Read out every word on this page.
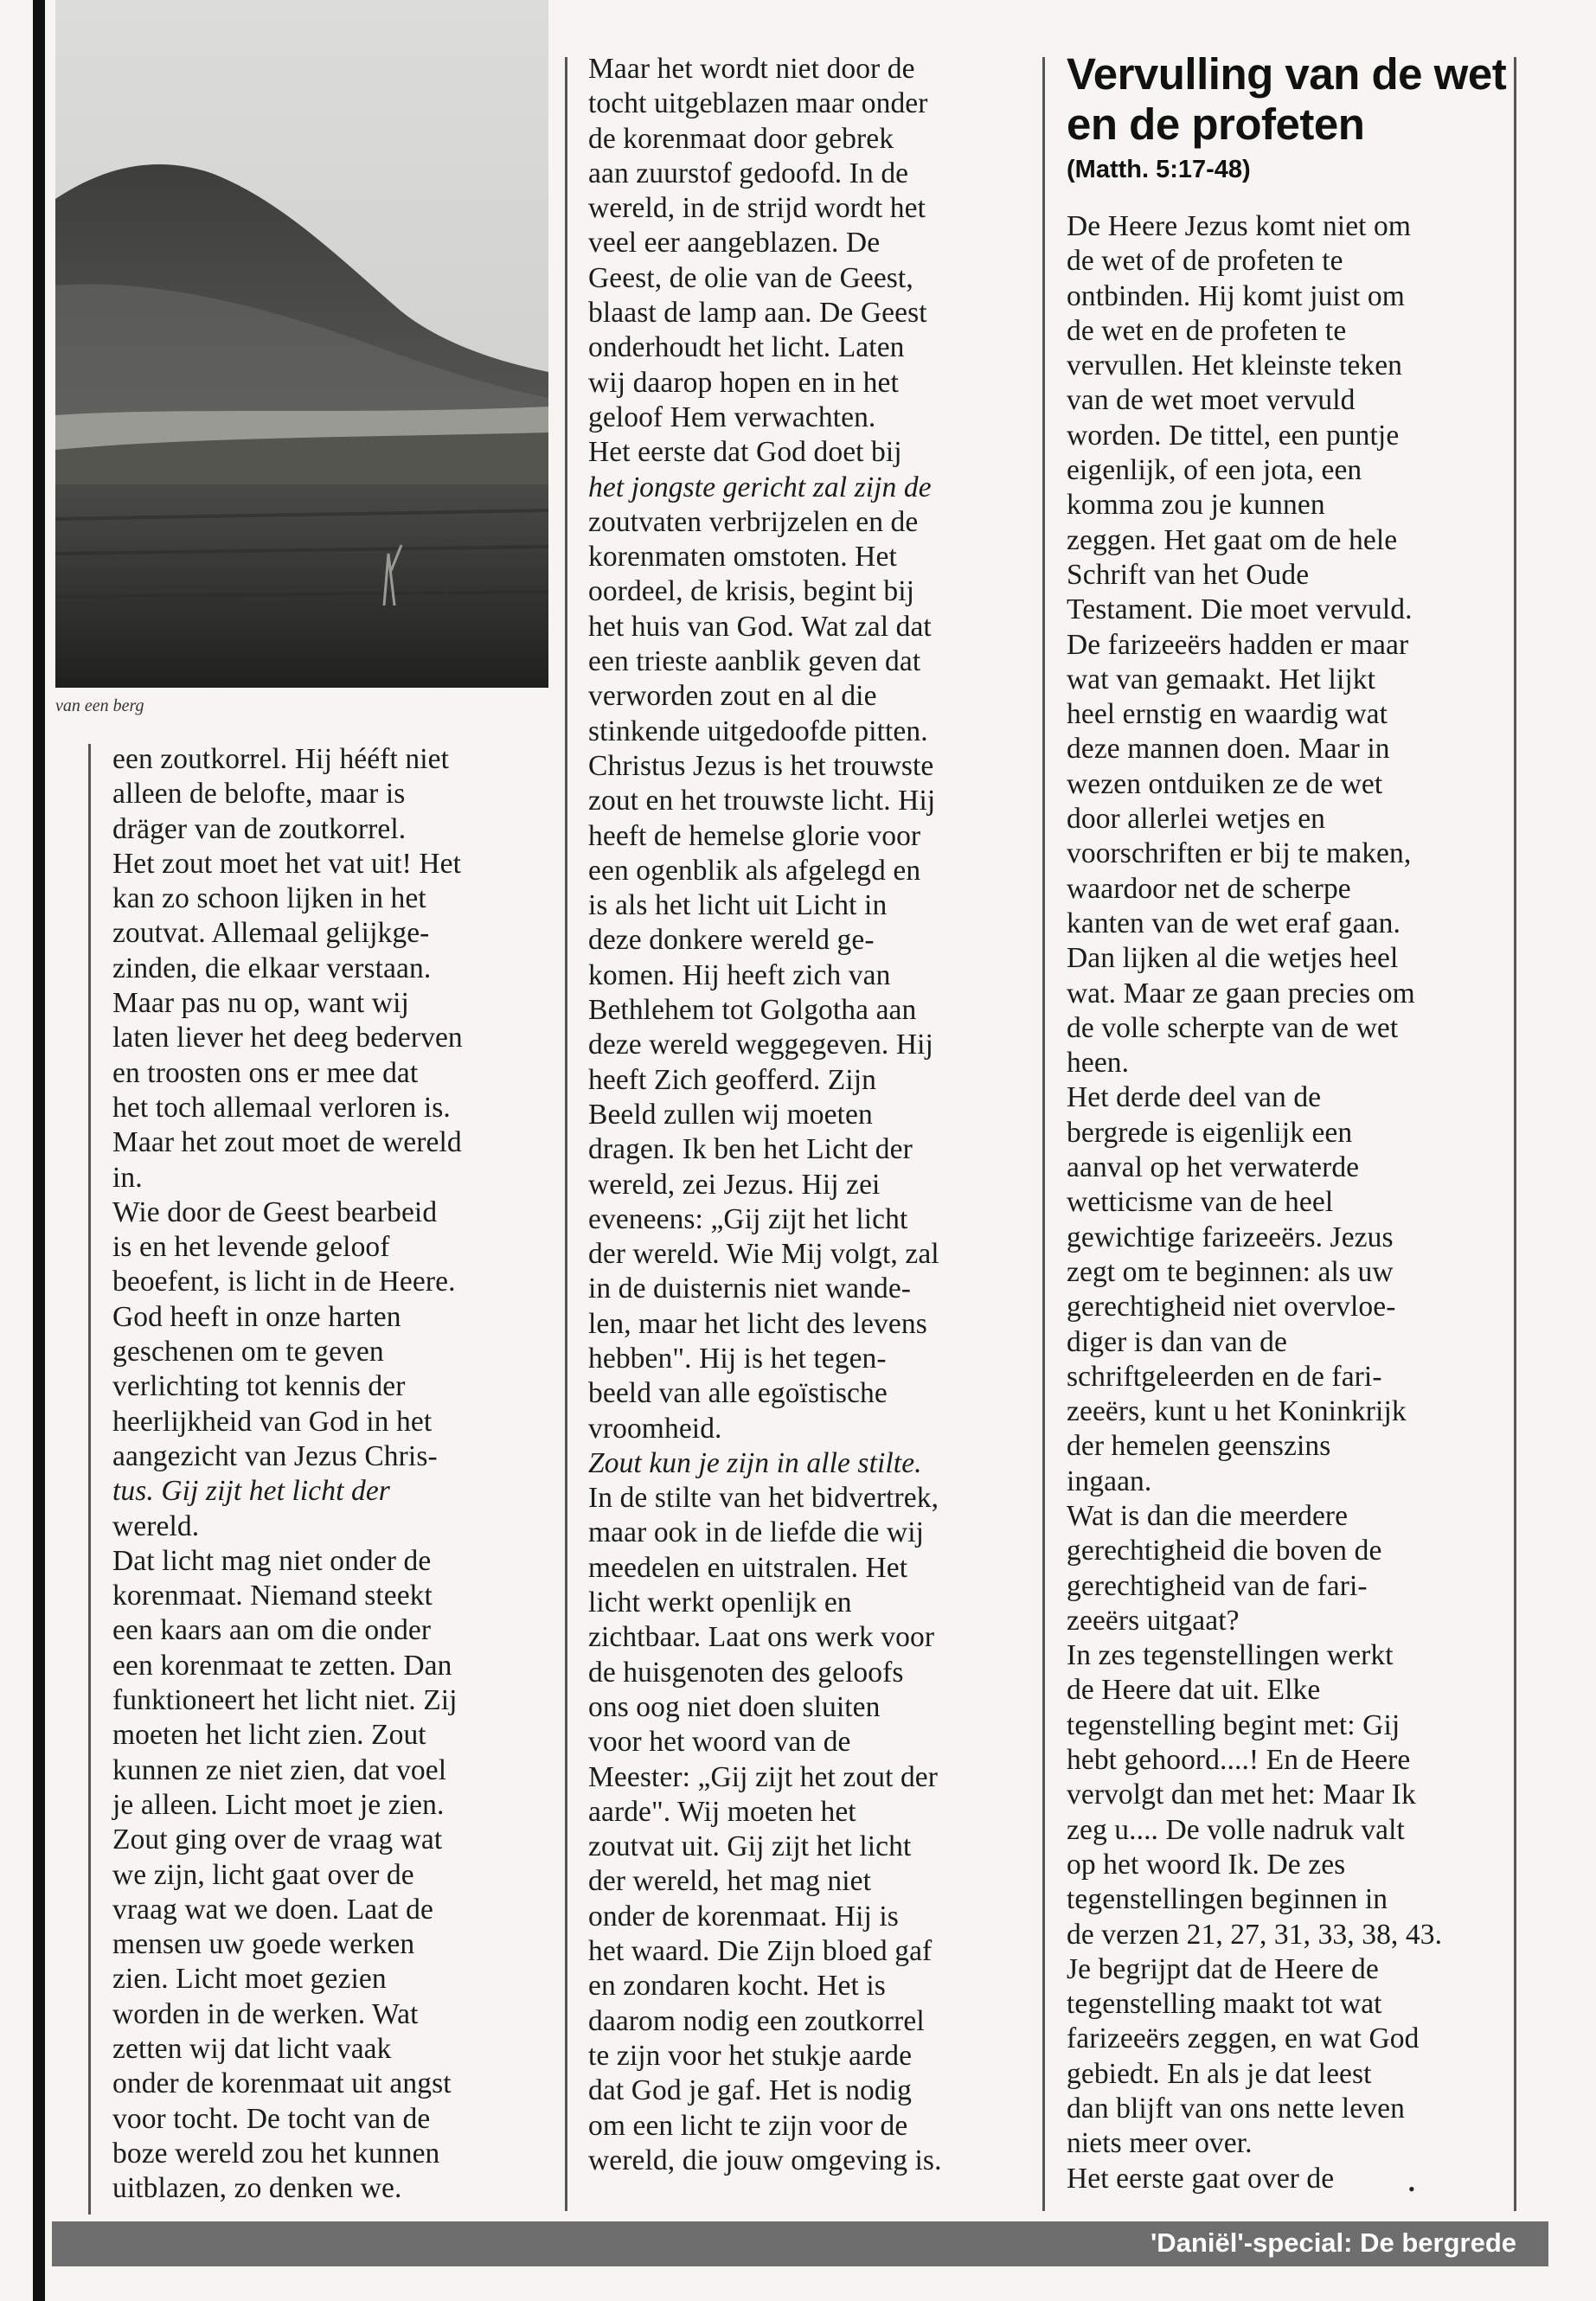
van een berg
een zoutkorrel. Hij hééft niet
alleen de belofte, maar is
dräger van de zoutkorrel.
Het zout moet het vat uit! Het
kan zo schoon lijken in het
zoutvat. Allemaal gelijkge-
zinden, die elkaar verstaan.
Maar pas nu op, want wij
laten liever het deeg bederven
en troosten ons er mee dat
het toch allemaal verloren is.
Maar het zout moet de wereld
in.
Wie door de Geest bearbeid
is en het levende geloof
beoefent, is licht in de Heere.
God heeft in onze harten
geschenen om te geven
verlichting tot kennis der
heerlijkheid van God in het
aangezicht van Jezus Chris-
tus. Gij zijt het licht der
wereld.
Dat licht mag niet onder de
korenmaat. Niemand steekt
een kaars aan om die onder
een korenmaat te zetten. Dan
funktioneert het licht niet. Zij
moeten het licht zien. Zout
kunnen ze niet zien, dat voel
je alleen. Licht moet je zien.
Zout ging over de vraag wat
we zijn, licht gaat over de
vraag wat we doen. Laat de
mensen uw goede werken
zien. Licht moet gezien
worden in de werken. Wat
zetten wij dat licht vaak
onder de korenmaat uit angst
voor tocht. De tocht van de
boze wereld zou het kunnen
uitblazen, zo denken we.
Maar het wordt niet door de
tocht uitgeblazen maar onder
de korenmaat door gebrek
aan zuurstof gedoofd. In de
wereld, in de strijd wordt het
veel eer aangeblazen. De
Geest, de olie van de Geest,
blaast de lamp aan. De Geest
onderhoudt het licht. Laten
wij daarop hopen en in het
geloof Hem verwachten.
Het eerste dat God doet bij
het jongste gericht zal zijn de
zoutvaten verbrijzelen en de
korenmaten omstoten. Het
oordeel, de krisis, begint bij
het huis van God. Wat zal dat
een trieste aanblik geven dat
verworden zout en al die
stinkende uitgedoofde pitten.
Christus Jezus is het trouwste
zout en het trouwste licht. Hij
heeft de hemelse glorie voor
een ogenblik als afgelegd en
is als het licht uit Licht in
deze donkere wereld ge-
komen. Hij heeft zich van
Bethlehem tot Golgotha aan
deze wereld weggegeven. Hij
heeft Zich geofferd. Zijn
Beeld zullen wij moeten
dragen. Ik ben het Licht der
wereld, zei Jezus. Hij zei
eveneens: „Gij zijt het licht
der wereld. Wie Mij volgt, zal
in de duisternis niet wande-
len, maar het licht des levens
hebben". Hij is het tegen-
beeld van alle egoïstische
vroomheid.
Zout kun je zijn in alle stilte.
In de stilte van het bidvertrek,
maar ook in de liefde die wij
meedelen en uitstralen. Het
licht werkt openlijk en
zichtbaar. Laat ons werk voor
de huisgenoten des geloofs
ons oog niet doen sluiten
voor het woord van de
Meester: „Gij zijt het zout der
aarde". Wij moeten het
zoutvat uit. Gij zijt het licht
der wereld, het mag niet
onder de korenmaat. Hij is
het waard. Die Zijn bloed gaf
en zondaren kocht. Het is
daarom nodig een zoutkorrel
te zijn voor het stukje aarde
dat God je gaf. Het is nodig
om een licht te zijn voor de
wereld, die jouw omgeving is.
Vervulling van de wet en de profeten
(Matth. 5:17-48)
De Heere Jezus komt niet om
de wet of de profeten te
ontbinden. Hij komt juist om
de wet en de profeten te
vervullen. Het kleinste teken
van de wet moet vervuld
worden. De tittel, een puntje
eigenlijk, of een jota, een
komma zou je kunnen
zeggen. Het gaat om de hele
Schrift van het Oude
Testament. Die moet vervuld.
De farizeeërs hadden er maar
wat van gemaakt. Het lijkt
heel ernstig en waardig wat
deze mannen doen. Maar in
wezen ontduiken ze de wet
door allerlei wetjes en
voorschriften er bij te maken,
waardoor net de scherpe
kanten van de wet eraf gaan.
Dan lijken al die wetjes heel
wat. Maar ze gaan precies om
de volle scherpte van de wet
heen.
Het derde deel van de
bergrede is eigenlijk een
aanval op het verwaterde
wetticisme van de heel
gewichtige farizeeërs. Jezus
zegt om te beginnen: als uw
gerechtigheid niet overvloe-
diger is dan van de
schriftgeleerden en de fari-
zeeërs, kunt u het Koninkrijk
der hemelen geenszins
ingaan.
Wat is dan die meerdere
gerechtigheid die boven de
gerechtigheid van de fari-
zeeërs uitgaat?
In zes tegenstellingen werkt
de Heere dat uit. Elke
tegenstelling begint met: Gij
hebt gehoord....! En de Heere
vervolgt dan met het: Maar Ik
zeg u.... De volle nadruk valt
op het woord Ik. De zes
tegenstellingen beginnen in
de verzen 21, 27, 31, 33, 38, 43.
Je begrijpt dat de Heere de
tegenstelling maakt tot wat
farizeeërs zeggen, en wat God
gebiedt. En als je dat leest
dan blijft van ons nette leven
niets meer over.
Het eerste gaat over de	•
'Daniël'-special: De bergrede
